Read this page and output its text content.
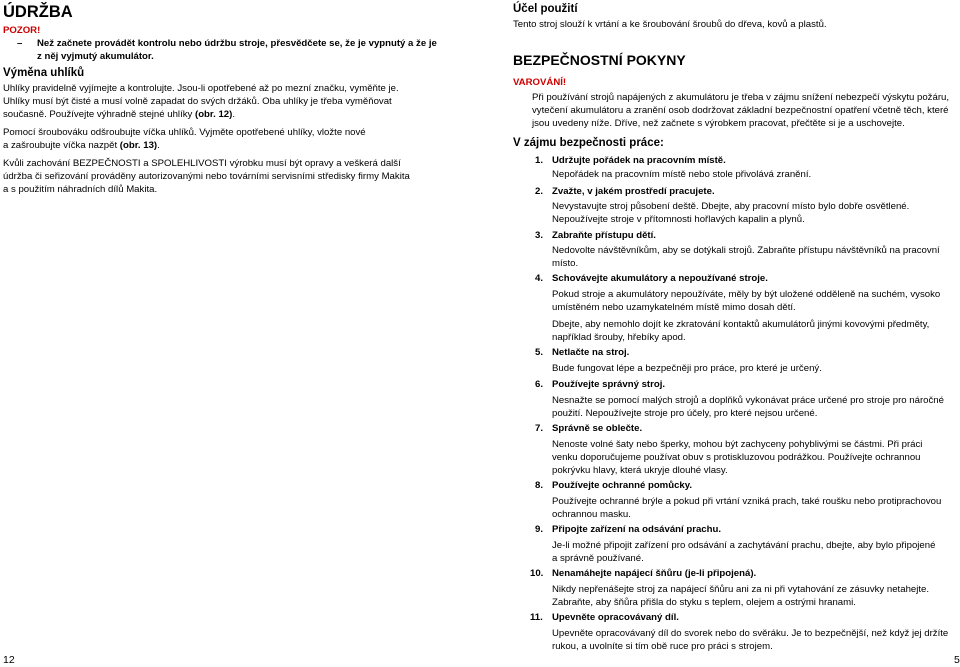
ÚDRŽBA
POZOR!
– Než začnete provádět kontrolu nebo údržbu stroje, přesvědčete se, že je vypnutý a že je
z něj vyjmutý akumulátor.
Výměna uhlíků
Uhlíky pravidelně vyjímejte a kontrolujte. Jsou-li opotřebené až po mezní značku, vyměňte je.
Uhlíky musí být čisté a musí volně zapadat do svých držáků. Oba uhlíky je třeba vyměňovat
současně. Používejte výhradně stejné uhlíky (obr. 12).
Pomocí šroubováku odšroubujte víčka uhlíků. Vyjměte opotřebené uhlíky, vložte nové
a zašroubujte víčka nazpět (obr. 13).
Kvůli zachování BEZPEČNOSTI a SPOLEHLIVOSTI výrobku musí být opravy a veškerá další
údržba či seřizování prováděny autorizovanými nebo továrními servisními středisky firmy Makita
a s použitím náhradních dílů Makita.
12
Účel použití
Tento stroj slouží k vrtání a ke šroubování šroubů do dřeva, kovů a plastů.
BEZPEČNOSTNÍ POKYNY
VAROVÁNÍ!
Při používání strojů napájených z akumulátoru je třeba v zájmu snížení nebezpečí výskytu požáru,
vytečení akumulátoru a zranění osob dodržovat základní bezpečnostní opatření včetně těch, které
jsou uvedeny níže. Dříve, než začnete s výrobkem pracovat, přečtěte si je a uschovejte.
V zájmu bezpečnosti práce:
1. Udržujte pořádek na pracovním místě.
Nepořádek na pracovním místě nebo stole přivolává zranění.
2. Zvažte, v jakém prostředí pracujete.
Nevystavujte stroj působení deště. Dbejte, aby pracovní místo bylo dobře osvětlené.
Nepoužívejte stroje v přítomnosti hořlavých kapalin a plynů.
3. Zabraňte přístupu dětí.
Nedovolte návštěvníkům, aby se dotýkali strojů. Zabraňte přístupu návštěvníků na pracovní
místo.
4. Schovávejte akumulátory a nepoužívané stroje.
Pokud stroje a akumulátory nepoužíváte, měly by být uložené odděleně na suchém, vysoko
umístěném nebo uzamykatelném místě mimo dosah dětí.
Dbejte, aby nemohlo dojít ke zkratování kontaktů akumulátorů jinými kovovými předměty,
například šrouby, hřebíky apod.
5. Netlačte na stroj.
Bude fungovat lépe a bezpečněji pro práce, pro které je určený.
6. Používejte správný stroj.
Nesnažte se pomocí malých strojů a doplňků vykonávat práce určené pro stroje pro náročné
použití. Nepoužívejte stroje pro účely, pro které nejsou určené.
7. Správně se oblečte.
Nenoste volné šaty nebo šperky, mohou být zachyceny pohyblivými se částmi. Při práci
venku doporučujeme používat obuv s protiskluzovou podrážkou. Používejte ochrannou
pokrývku hlavy, která ukryje dlouhé vlasy.
8. Používejte ochranné pomůcky.
Používejte ochranné brýle a pokud při vrtání vzniká prach, také roušku nebo protiprachovou
ochrannou masku.
9. Připojte zařízení na odsávání prachu.
Je-li možné připojit zařízení pro odsávání a zachytávání prachu, dbejte, aby bylo připojené
a správně používané.
10. Nenamáhejte napájecí šňůru (je-li připojená).
Nikdy nepřenášejte stroj za napájecí šňůru ani za ni při vytahování ze zásuvky netahejte.
Zabraňte, aby šňůra přišla do styku s teplem, olejem a ostrými hranami.
11. Upevněte opracovávaný díl.
Upevněte opracovávaný díl do svorek nebo do svěráku. Je to bezpečnější, než když jej držíte
rukou, a uvolníte si tím obě ruce pro práci s strojem.
5
